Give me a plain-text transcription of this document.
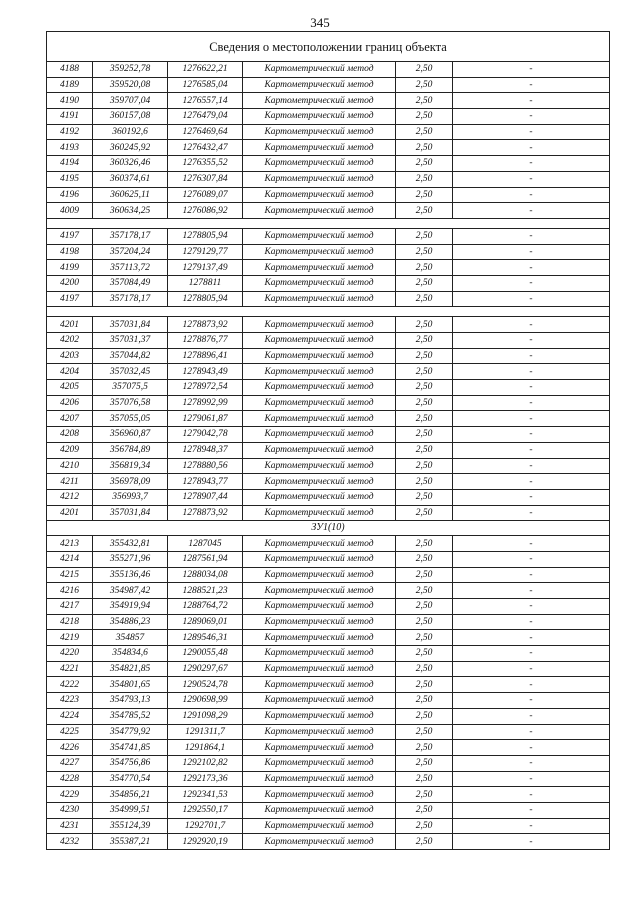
345
Сведения о местоположении границ объекта					
4188	359252,78	1276622,21	Картометрический метод	2,50	-
4189	359520,08	1276585,04	Картометрический метод	2,50	-
4190	359707,04	1276557,14	Картометрический метод	2,50	-
4191	360157,08	1276479,04	Картометрический метод	2,50	-
4192	360192,6	1276469,64	Картометрический метод	2,50	-
4193	360245,92	1276432,47	Картометрический метод	2,50	-
4194	360326,46	1276355,52	Картометрический метод	2,50	-
4195	360374,61	1276307,84	Картометрический метод	2,50	-
4196	360625,11	1276089,07	Картометрический метод	2,50	-
4009	360634,25	1276086,92	Картометрический метод	2,50	-

4197	357178,17	1278805,94	Картометрический метод	2,50	-
4198	357204,24	1279129,77	Картометрический метод	2,50	-
4199	357113,72	1279137,49	Картометрический метод	2,50	-
4200	357084,49	1278811	Картометрический метод	2,50	-
4197	357178,17	1278805,94	Картометрический метод	2,50	-

4201	357031,84	1278873,92	Картометрический метод	2,50	-
4202	357031,37	1278876,77	Картометрический метод	2,50	-
4203	357044,82	1278896,41	Картометрический метод	2,50	-
4204	357032,45	1278943,49	Картометрический метод	2,50	-
4205	357075,5	1278972,54	Картометрический метод	2,50	-
4206	357076,58	1278992,99	Картометрический метод	2,50	-
4207	357055,05	1279061,87	Картометрический метод	2,50	-
4208	356960,87	1279042,78	Картометрический метод	2,50	-
4209	356784,89	1278948,37	Картометрический метод	2,50	-
4210	356819,34	1278880,56	Картометрический метод	2,50	-
4211	356978,09	1278943,77	Картометрический метод	2,50	-
4212	356993,7	1278907,44	Картометрический метод	2,50	-
4201	357031,84	1278873,92	Картометрический метод	2,50	-
ЗУ1(10)					
4213	355432,81	1287045	Картометрический метод	2,50	-
4214	355271,96	1287561,94	Картометрический метод	2,50	-
4215	355136,46	1288034,08	Картометрический метод	2,50	-
4216	354987,42	1288521,23	Картометрический метод	2,50	-
4217	354919,94	1288764,72	Картометрический метод	2,50	-
4218	354886,23	1289069,01	Картометрический метод	2,50	-
4219	354857	1289546,31	Картометрический метод	2,50	-
4220	354834,6	1290055,48	Картометрический метод	2,50	-
4221	354821,85	1290297,67	Картометрический метод	2,50	-
4222	354801,65	1290524,78	Картометрический метод	2,50	-
4223	354793,13	1290698,99	Картометрический метод	2,50	-
4224	354785,52	1291098,29	Картометрический метод	2,50	-
4225	354779,92	1291311,7	Картометрический метод	2,50	-
4226	354741,85	1291864,1	Картометрический метод	2,50	-
4227	354756,86	1292102,82	Картометрический метод	2,50	-
4228	354770,54	1292173,36	Картометрический метод	2,50	-
4229	354856,21	1292341,53	Картометрический метод	2,50	-
4230	354999,51	1292550,17	Картометрический метод	2,50	-
4231	355124,39	1292701,7	Картометрический метод	2,50	-
4232	355387,21	1292920,19	Картометрический метод	2,50	-
